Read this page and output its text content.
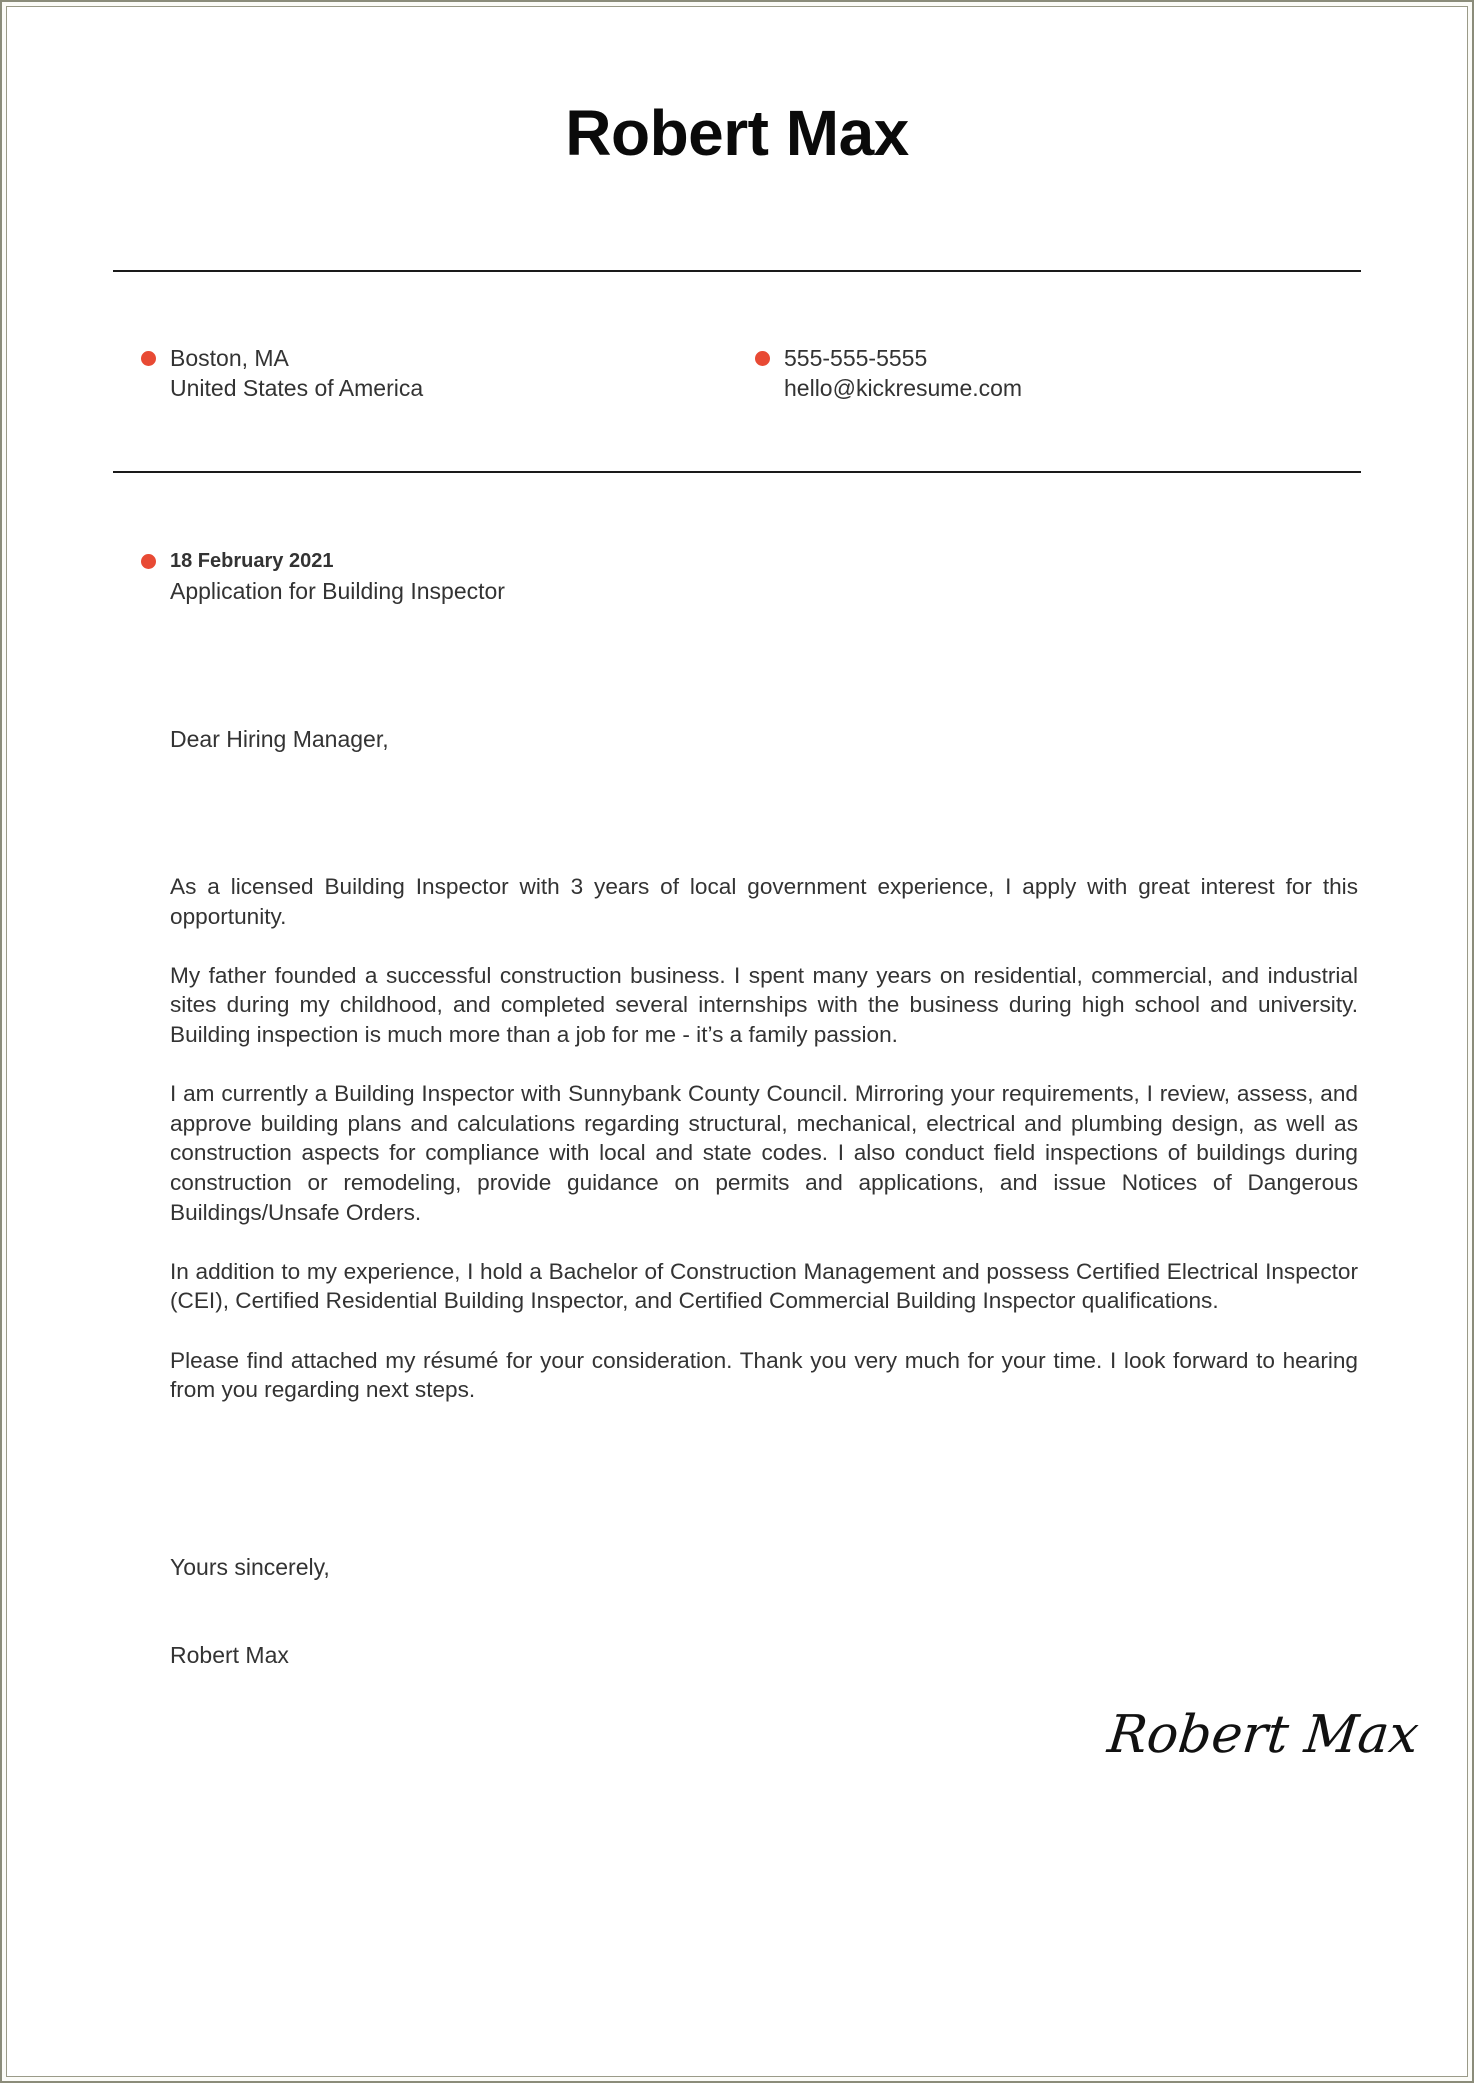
Robert Max
Boston, MA
United States of America
555-555-5555
hello@kickresume.com
18 February 2021
Application for Building Inspector
Dear Hiring Manager,

As a licensed Building Inspector with 3 years of local government experience, I apply with great interest for this opportunity.

My father founded a successful construction business. I spent many years on residential, commercial, and industrial sites during my childhood, and completed several internships with the business during high school and university. Building inspection is much more than a job for me - it’s a family passion.

I am currently a Building Inspector with Sunnybank County Council. Mirroring your requirements, I review, assess, and approve building plans and calculations regarding structural, mechanical, electrical and plumbing design, as well as construction aspects for compliance with local and state codes. I also conduct field inspections of buildings during construction or remodeling, provide guidance on permits and applications, and issue Notices of Dangerous Buildings/Unsafe Orders.

In addition to my experience, I hold a Bachelor of Construction Management and possess Certified Electrical Inspector (CEI), Certified Residential Building Inspector, and Certified Commercial Building Inspector qualifications.

Please find attached my résumé for your consideration. Thank you very much for your time. I look forward to hearing from you regarding next steps.

Yours sincerely,
Robert Max
Robert Max
